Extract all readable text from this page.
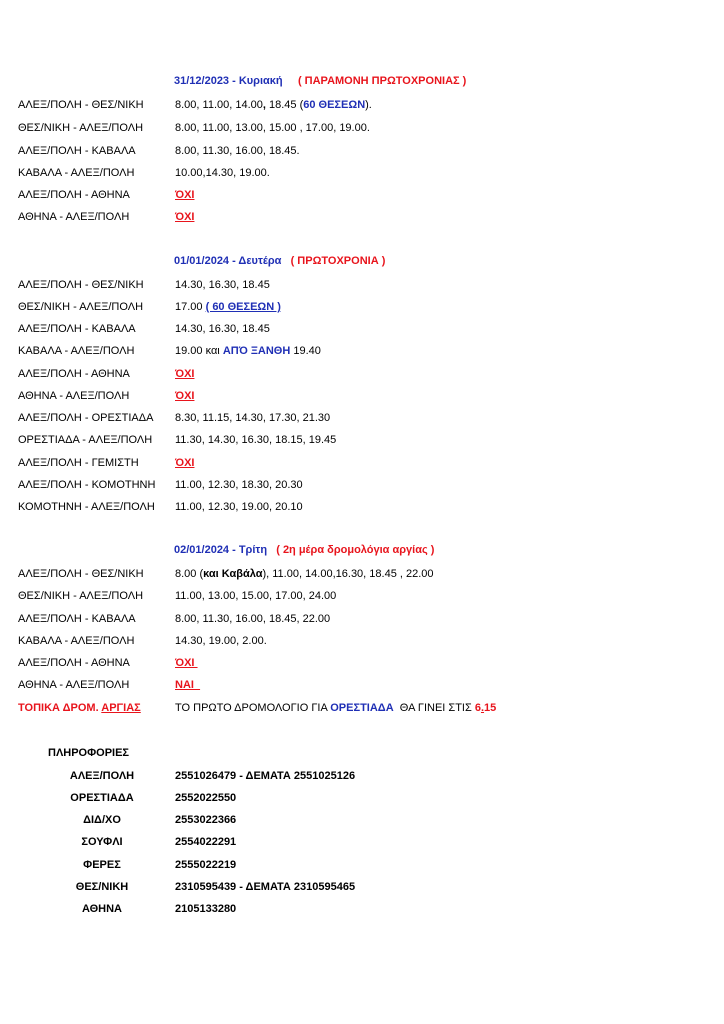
31/12/2023 - Κυριακή ( ΠΑΡΑΜΟΝΗ ΠΡΩΤΟΧΡΟΝΙΑΣ )
ΑΛΕΞ/ΠΟΛΗ - ΘΕΣ/ΝΙΚΗ	8.00, 11.00, 14.00, 18.45 (60 ΘΕΣΕΩΝ).
ΘΕΣ/ΝΙΚΗ - ΑΛΕΞ/ΠΟΛΗ	8.00, 11.00, 13.00, 15.00 , 17.00, 19.00.
ΑΛΕΞ/ΠΟΛΗ - ΚΑΒΑΛΑ	8.00, 11.30, 16.00, 18.45.
ΚΑΒΑΛΑ - ΑΛΕΞ/ΠΟΛΗ	10.00,14.30, 19.00.
ΑΛΕΞ/ΠΟΛΗ - ΑΘΗΝΑ	ΌΧΙ
ΑΘΗΝΑ - ΑΛΕΞ/ΠΟΛΗ	ΌΧΙ
01/01/2024 - Δευτέρα ( ΠΡΩΤΟΧΡΟΝΙΑ )
ΑΛΕΞ/ΠΟΛΗ - ΘΕΣ/ΝΙΚΗ	14.30, 16.30, 18.45
ΘΕΣ/ΝΙΚΗ - ΑΛΕΞ/ΠΟΛΗ	17.00 ( 60 ΘΕΣΕΩΝ )
ΑΛΕΞ/ΠΟΛΗ - ΚΑΒΑΛΑ	14.30, 16.30, 18.45
ΚΑΒΑΛΑ - ΑΛΕΞ/ΠΟΛΗ	19.00 και ΑΠΌ ΞΑΝΘΗ 19.40
ΑΛΕΞ/ΠΟΛΗ - ΑΘΗΝΑ	ΌΧΙ
ΑΘΗΝΑ - ΑΛΕΞ/ΠΟΛΗ	ΌΧΙ
ΑΛΕΞ/ΠΟΛΗ - ΟΡΕΣΤΙΑΔΑ 8.30, 11.15, 14.30, 17.30, 21.30
ΟΡΕΣΤΙΑΔΑ - ΑΛΕΞ/ΠΟΛΗ 11.30, 14.30, 16.30, 18.15, 19.45
ΑΛΕΞ/ΠΟΛΗ - ΓΕΜΙΣΤΗ	ΌΧΙ
ΑΛΕΞ/ΠΟΛΗ - ΚΟΜΟΤΗΝΗ 11.00, 12.30, 18.30, 20.30
ΚΟΜΟΤΗΝΗ - ΑΛΕΞ/ΠΟΛΗ 11.00, 12.30, 19.00, 20.10
02/01/2024 - Τρίτη ( 2η μέρα δρομολόγια αργίας )
ΑΛΕΞ/ΠΟΛΗ - ΘΕΣ/ΝΙΚΗ	8.00 (και Καβάλα), 11.00, 14.00,16.30, 18.45 , 22.00
ΘΕΣ/ΝΙΚΗ - ΑΛΕΞ/ΠΟΛΗ	11.00, 13.00, 15.00, 17.00, 24.00
ΑΛΕΞ/ΠΟΛΗ - ΚΑΒΑΛΑ	8.00, 11.30, 16.00, 18.45, 22.00
ΚΑΒΑΛΑ - ΑΛΕΞ/ΠΟΛΗ	14.30, 19.00, 2.00.
ΑΛΕΞ/ΠΟΛΗ - ΑΘΗΝΑ	ΌΧΙ
ΑΘΗΝΑ - ΑΛΕΞ/ΠΟΛΗ	ΝΑΙ
ΤΟΠΙΚΑ ΔΡΟΜ. ΑΡΓΙΑΣ	ΤΟ ΠΡΩΤΟ ΔΡΟΜΟΛΟΓΙΟ ΓΙΑ ΟΡΕΣΤΙΑΔΑ  ΘΑ ΓΙΝΕΙ ΣΤΙΣ 6.15
ΠΛΗΡΟΦΟΡΙΕΣ
ΑΛΕΞ/ΠΟΛΗ	2551026479 - ΔΕΜΑΤΑ 2551025126
ΟΡΕΣΤΙΑΔΑ	2552022550
ΔΙΔ/ΧΟ	2553022366
ΣΟΥΦΛΙ	2554022291
ΦΕΡΕΣ	2555022219
ΘΕΣ/ΝΙΚΗ	2310595439 - ΔΕΜΑΤΑ 2310595465
ΑΘΗΝΑ	2105133280
